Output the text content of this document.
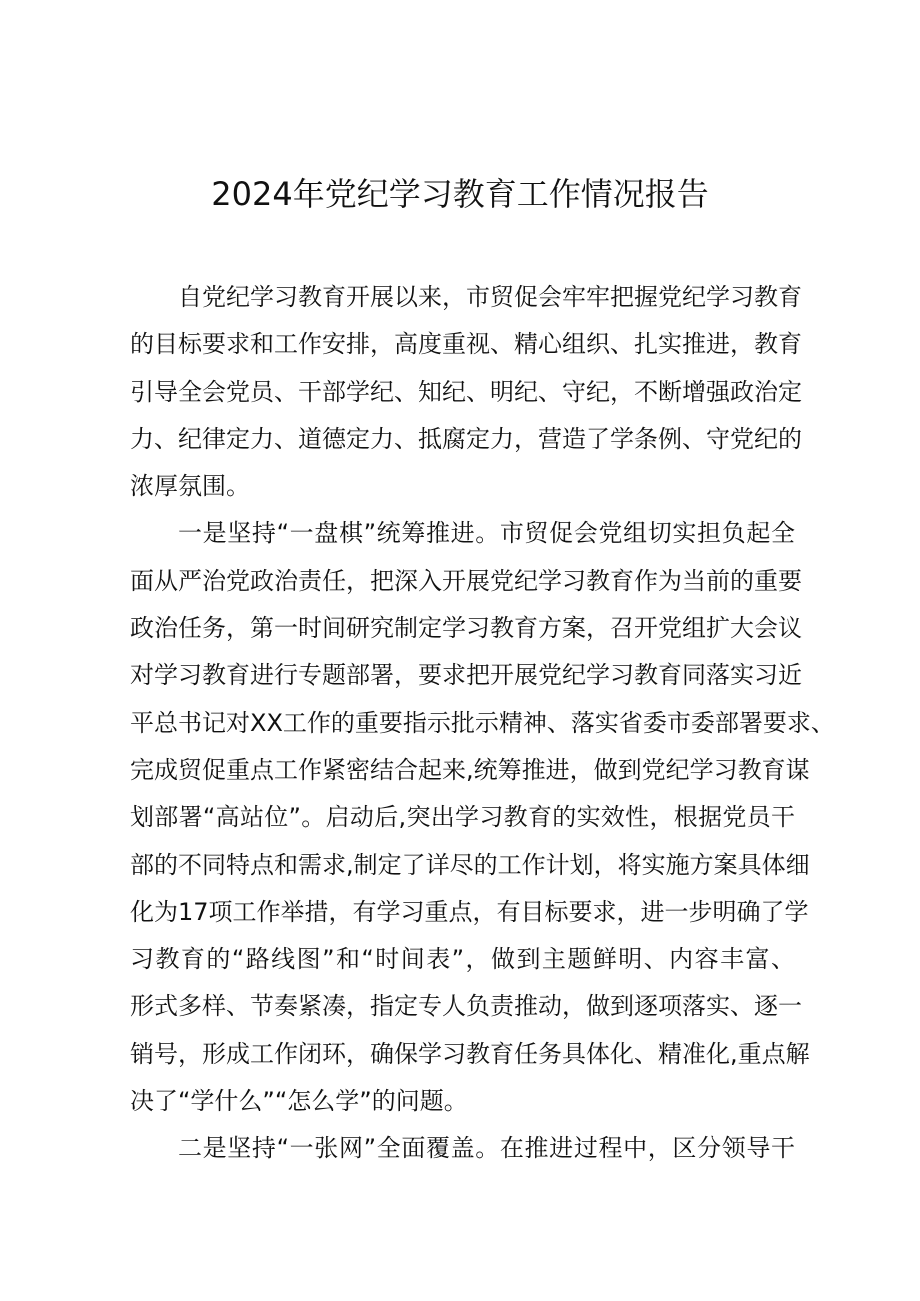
2024年党纪学习教育工作情况报告
自党纪学习教育开展以来，市贸促会牢牢把握党纪学习教育
的目标要求和工作安排，高度重视、精心组织、扎实推进，教育
引导全会党员、干部学纪、知纪、明纪、守纪，不断增强政治定
力、纪律定力、道德定力、抵腐定力，营造了学条例、守党纪的
浓厚氛围。
一是坚持“一盘棋”统筹推进。市贸促会党组切实担负起全
面从严治党政治责任，把深入开展党纪学习教育作为当前的重要
政治任务，第一时间研究制定学习教育方案，召开党组扩大会议
对学习教育进行专题部署，要求把开展党纪学习教育同落实习近
平总书记对XX工作的重要指示批示精神、落实省委市委部署要求、
完成贸促重点工作紧密结合起来,统筹推进，做到党纪学习教育谋
划部署“高站位”。启动后,突出学习教育的实效性，根据党员干
部的不同特点和需求,制定了详尽的工作计划，将实施方案具体细
化为17项工作举措，有学习重点，有目标要求，进一步明确了学
习教育的“路线图”和“时间表”，做到主题鲜明、内容丰富、
形式多样、节奏紧凑，指定专人负责推动，做到逐项落实、逐一
销号，形成工作闭环，确保学习教育任务具体化、精准化,重点解
决了“学什么”“怎么学”的问题。
二是坚持“一张网”全面覆盖。在推进过程中，区分领导干
